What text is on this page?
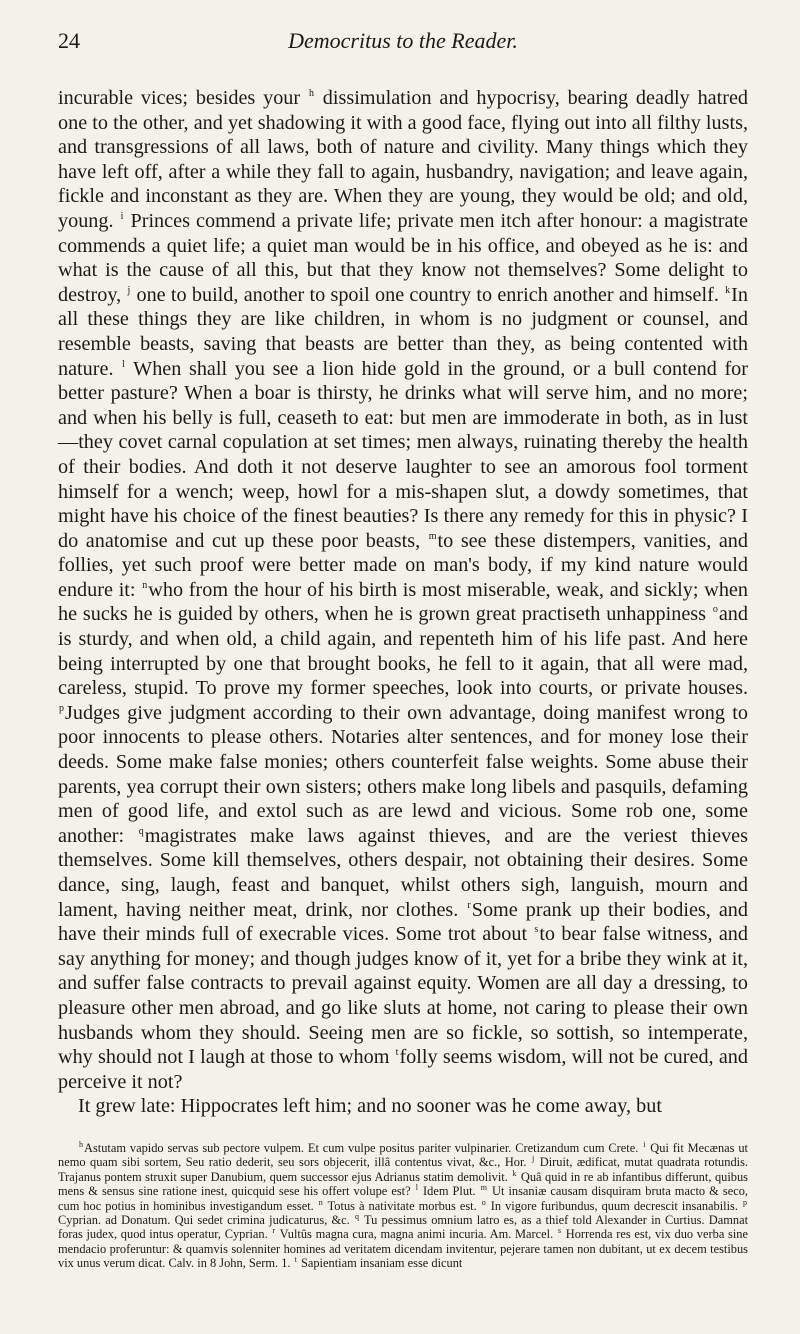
24	Democritus to the Reader.

incurable vices; besides your $^h$ dissimulation and hypocrisy, bearing deadly hatred one to the other, and yet shadowing it with a good face, flying out into all filthy lusts, and transgressions of all laws, both of nature and civility. Many things which they have left off, after a while they fall to again, husbandry, navigation; and leave again, fickle and inconstant as they are. When they are young, they would be old; and old, young. $^i$ Princes commend a private life; private men itch after honour: a magistrate commends a quiet life; a quiet man would be in his office, and obeyed as he is: and what is the cause of all this, but that they know not themselves? Some delight to destroy, $^j$ one to build, another to spoil one country to enrich another and himself. $^k$In all these things they are like children, in whom is no judgment or counsel, and resemble beasts, saving that beasts are better than they, as being contented with nature. $^l$ When shall you see a lion hide gold in the ground, or a bull contend for better pasture? When a boar is thirsty, he drinks what will serve him, and no more; and when his belly is full, ceaseth to eat: but men are immoderate in both, as in lust—they covet carnal copulation at set times; men always, ruinating thereby the health of their bodies. And doth it not deserve laughter to see an amorous fool torment himself for a wench; weep, howl for a mis-shapen slut, a dowdy sometimes, that might have his choice of the finest beauties? Is there any remedy for this in physic? I do anatomise and cut up these poor beasts, $^m$to see these distempers, vanities, and follies, yet such proof were better made on man's body, if my kind nature would endure it: $^n$who from the hour of his birth is most miserable, weak, and sickly; when he sucks he is guided by others, when he is grown great practiseth unhappiness $^o$and is sturdy, and when old, a child again, and repenteth him of his life past. And here being interrupted by one that brought books, he fell to it again, that all were mad, careless, stupid. To prove my former speeches, look into courts, or private houses. $^p$Judges give judgment according to their own advantage, doing manifest wrong to poor innocents to please others. Notaries alter sentences, and for money lose their deeds. Some make false monies; others counterfeit false weights. Some abuse their parents, yea corrupt their own sisters; others make long libels and pasquils, defaming men of good life, and extol such as are lewd and vicious. Some rob one, some another: $^q$magistrates make laws against thieves, and are the veriest thieves themselves. Some kill themselves, others despair, not obtaining their desires. Some dance, sing, laugh, feast and banquet, whilst others sigh, languish, mourn and lament, having neither meat, drink, nor clothes. $^r$Some prank up their bodies, and have their minds full of execrable vices. Some trot about $^s$to bear false witness, and say anything for money; and though judges know of it, yet for a bribe they wink at it, and suffer false contracts to prevail against equity. Women are all day a dressing, to pleasure other men abroad, and go like sluts at home, not caring to please their own husbands whom they should. Seeing men are so fickle, so sottish, so intemperate, why should not I laugh at those to whom $^t$folly seems wisdom, will not be cured, and perceive it not?

It grew late: Hippocrates left him; and no sooner was he come away, but

$^h$Astutam vapido servas sub pectore vulpem. Et cum vulpe positus pariter vulpinarier. Cretizandum cum Crete. $^i$ Qui fit Mecænas ut nemo quam sibi sortem, Seu ratio dederit, seu sors objecerit, illâ contentus vivat, &c., Hor. $^j$ Diruit, ædificat, mutat quadrata rotundis. Trajanus pontem struxit super Danubium, quem successor ejus Adrianus statim demolivit. $^k$ Quâ quid in re ab infantibus differunt, quibus mens & sensus sine ratione inest, quicquid sese his offert volupe est? $^l$ Idem Plut. $^m$ Ut insaniæ causam disquiram bruta macto & seco, cum hoc potius in hominibus investigandum esset. $^n$ Totus à nativitate morbus est. $^o$ In vigore furibundus, quum decrescit insanabilis. $^p$ Cyprian. ad Donatum. Qui sedet crimina judicaturus, &c. $^q$ Tu pessimus omnium latro es, as a thief told Alexander in Curtius. Damnat foras judex, quod intus operatur, Cyprian. $^r$ Vultûs magna cura, magna animi incuria. Am. Marcel. $^s$ Horrenda res est, vix duo verba sine mendacio proferuntur: & quamvis solenniter homines ad veritatem dicendam invitentur, pejerare tamen non dubitant, ut ex decem testibus vix unus verum dicat. Calv. in 8 John, Serm. 1. $^t$ Sapientiam insaniam esse dicunt
